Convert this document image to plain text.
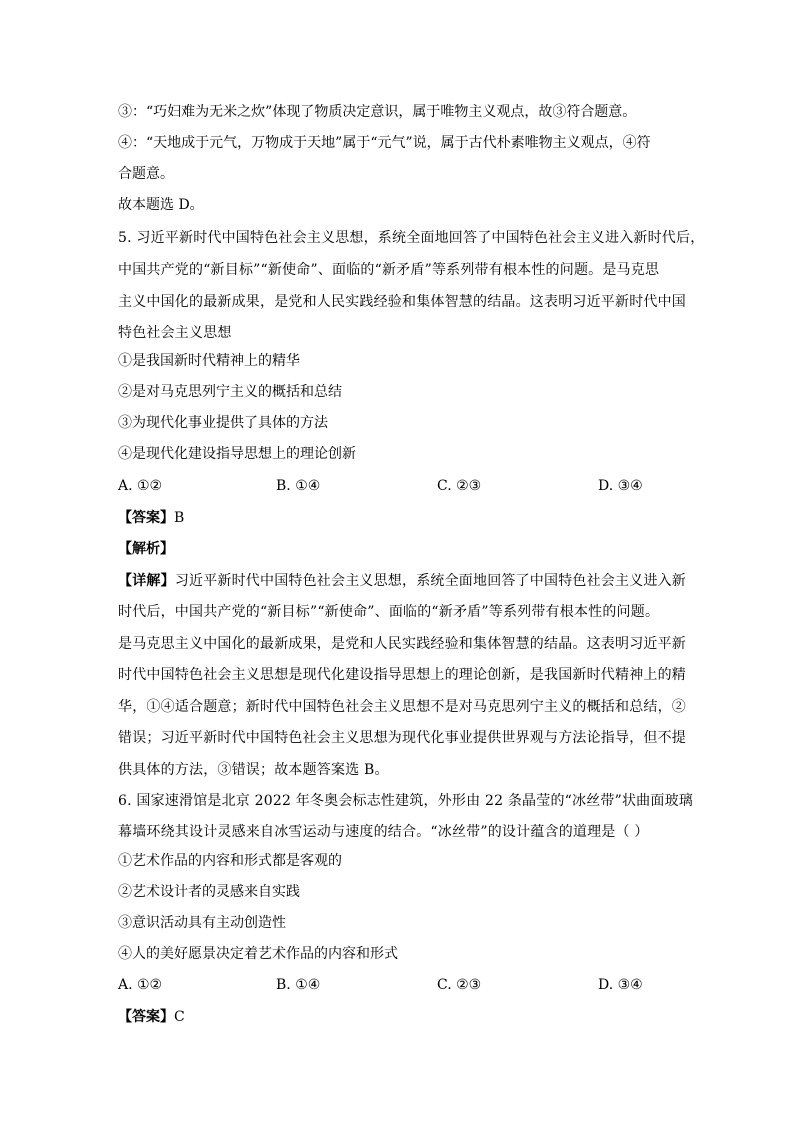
③：“巧妇难为无米之炊”体现了物质决定意识，属于唯物主义观点，故③符合题意。
④：“天地成于元气，万物成于天地”属于“元气”说，属于古代朴素唯物主义观点，④符
合题意。
故本题选 D。
5. 习近平新时代中国特色社会主义思想，系统全面地回答了中国特色社会主义进入新时代后，
中国共产党的“新目标”“新使命”、面临的“新矛盾”等系列带有根本性的问题。是马克思
主义中国化的最新成果，是党和人民实践经验和集体智慧的结晶。这表明习近平新时代中国
特色社会主义思想
①是我国新时代精神上的精华
②是对马克思列宁主义的概括和总结
③为现代化事业提供了具体的方法
④是现代化建设指导思想上的理论创新
A. ①②	B. ①④	C. ②③	D. ③④
【答案】B
【解析】
【详解】习近平新时代中国特色社会主义思想，系统全面地回答了中国特色社会主义进入新
时代后，中国共产党的“新目标”“新使命”、面临的“新矛盾”等系列带有根本性的问题。
是马克思主义中国化的最新成果，是党和人民实践经验和集体智慧的结晶。这表明习近平新
时代中国特色社会主义思想是现代化建设指导思想上的理论创新，是我国新时代精神上的精
华，①④适合题意；新时代中国特色社会主义思想不是对马克思列宁主义的概括和总结，②
错误；习近平新时代中国特色社会主义思想为现代化事业提供世界观与方法论指导，但不提
供具体的方法，③错误；故本题答案选 B。
6. 国家速滑馆是北京 2022 年冬奥会标志性建筑，外形由 22 条晶莹的“冰丝带”状曲面玻璃
幕墙环绕其设计灵感来自冰雪运动与速度的结合。“冰丝带”的设计蕴含的道理是（ ）
①艺术作品的内容和形式都是客观的
②艺术设计者的灵感来自实践
③意识活动具有主动创造性
④人的美好愿景决定着艺术作品的内容和形式
A. ①②	B. ①④	C. ②③	D. ③④
【答案】C
